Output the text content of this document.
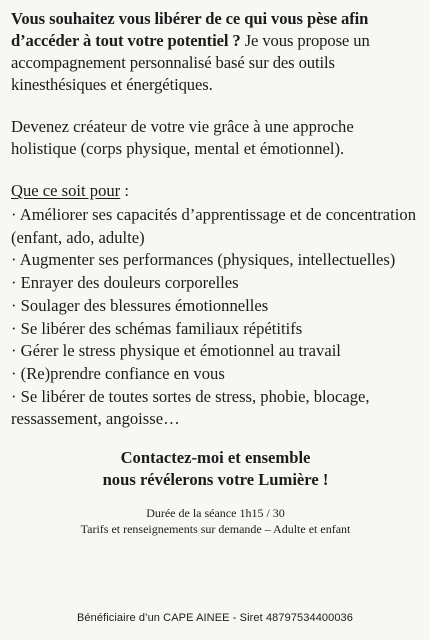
Vous souhaitez vous libérer de ce qui vous pèse afin d’accéder à tout votre potentiel ? Je vous propose un accompagnement personnalisé basé sur des outils kinesthésiques et énergétiques.

Devenez créateur de votre vie grâce à une approche holistique (corps physique, mental et émotionnel).

Que ce soit pour :

· Améliorer ses capacités d’apprentissage et de concentration (enfant, ado, adulte)
· Augmenter ses performances (physiques, intellectuelles)
· Enrayer des douleurs corporelles
· Soulager des blessures émotionnelles
· Se libérer des schémas familiaux répétitifs
· Gérer le stress physique et émotionnel au travail
· (Re)prendre confiance en vous
· Se libérer de toutes sortes de stress, phobie, blocage, ressassement, angoisse…
Contactez-moi et ensemble
nous révélerons votre Lumière !
Durée de la séance 1h15 / 30
Tarifs et renseignements sur demande – Adulte et enfant
Bénéficiaire d’un CAPE AINEE - Siret 48797534400036
